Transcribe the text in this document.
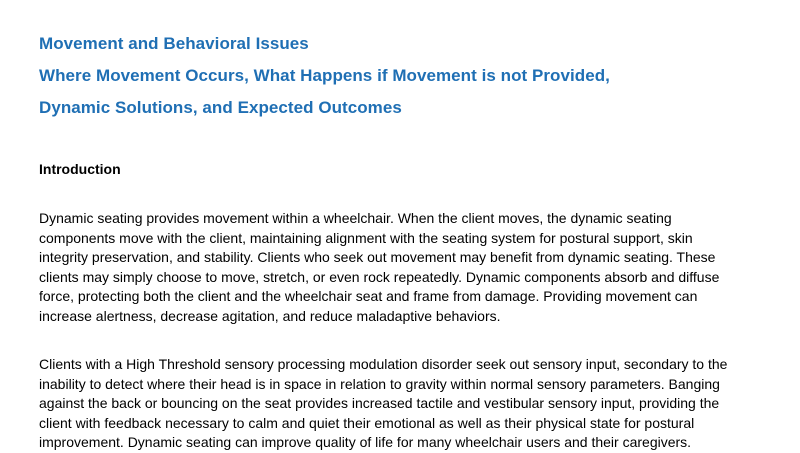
Movement and Behavioral Issues
Where Movement Occurs, What Happens if Movement is not Provided,
Dynamic Solutions, and Expected Outcomes
Introduction
Dynamic seating provides movement within a wheelchair. When the client moves, the dynamic seating
components move with the client, maintaining alignment with the seating system for postural support, skin
integrity preservation, and stability. Clients who seek out movement may benefit from dynamic seating. These
clients may simply choose to move, stretch, or even rock repeatedly. Dynamic components absorb and diffuse
force, protecting both the client and the wheelchair seat and frame from damage. Providing movement can
increase alertness, decrease agitation, and reduce maladaptive behaviors.
Clients with a High Threshold sensory processing modulation disorder seek out sensory input, secondary to the
inability to detect where their head is in space in relation to gravity within normal sensory parameters. Banging
against the back or bouncing on the seat provides increased tactile and vestibular sensory input, providing the
client with feedback necessary to calm and quiet their emotional as well as their physical state for postural
improvement. Dynamic seating can improve quality of life for many wheelchair users and their caregivers.
